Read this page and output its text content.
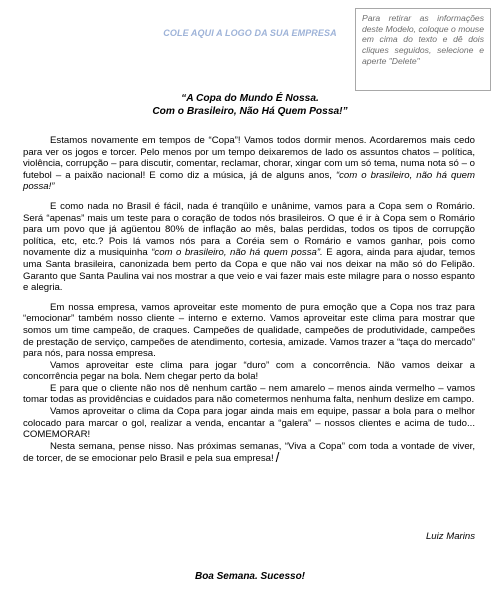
COLE AQUI A LOGO DA SUA EMPRESA
Para retirar as informações deste Modelo, coloque o mouse em cima do texto e dê dois cliques seguidos, selecione e aperte "Delete"
“A Copa do Mundo É Nossa.
Com o Brasileiro, Não Há Quem Possa!”

Estamos novamente em tempos de “Copa”! Vamos todos dormir menos. Acordaremos mais cedo para ver os jogos e torcer. Pelo menos por um tempo deixaremos de lado os assuntos chatos – política, violência, corrupção – para discutir, comentar, reclamar, chorar, xingar com um só tema, numa nota só – o futebol – a paixão nacional! E como diz a música, já de alguns anos, “com o brasileiro, não há quem possa!”

E como nada no Brasil é fácil, nada é tranqüilo e unânime, vamos para a Copa sem o Romário. Será “apenas” mais um teste para o coração de todos nós brasileiros. O que é ir à Copa sem o Romário para um povo que já agüentou 80% de inflação ao mês, balas perdidas, todos os tipos de corrupção política, etc, etc.? Pois lá vamos nós para a Coréia sem o Romário e vamos ganhar, pois como novamente diz a musiquinha “com o brasileiro, não há quem possa”. E agora, ainda para ajudar, temos uma Santa brasileira, canonizada bem perto da Copa e que não vai nos deixar na mão só do Felipão. Garanto que Santa Paulina vai nos mostrar a que veio e vai fazer mais este milagre para o nosso espanto e alegria.

Em nossa empresa, vamos aproveitar este momento de pura emoção que a Copa nos traz para “emocionar” também nosso cliente – interno e externo. Vamos aproveitar este clima para mostrar que somos um time campeão, de craques. Campeões de qualidade, campeões de produtividade, campeões de prestação de serviço, campeões de atendimento, cortesia, amizade. Vamos trazer a “taça do mercado” para nós, para nossa empresa.

Vamos aproveitar este clima para jogar “duro” com a concorrência. Não vamos deixar a concorrência pegar na bola. Nem chegar perto da bola!

E para que o cliente não nos dê nenhum cartão – nem amarelo – menos ainda vermelho – vamos tomar todas as providências e cuidados para não cometermos nenhuma falta, nenhum deslize em campo.

Vamos aproveitar o clima da Copa para jogar ainda mais em equipe, passar a bola para o melhor colocado para marcar o gol, realizar a venda, encantar a “galera” – nossos clientes e acima de tudo... COMEMORAR!

Nesta semana, pense nisso. Nas próximas semanas, “Viva a Copa” com toda a vontade de viver, de torcer, de se emocionar pelo Brasil e pela sua empresa!

Luiz Marins
Boa Semana. Sucesso!
